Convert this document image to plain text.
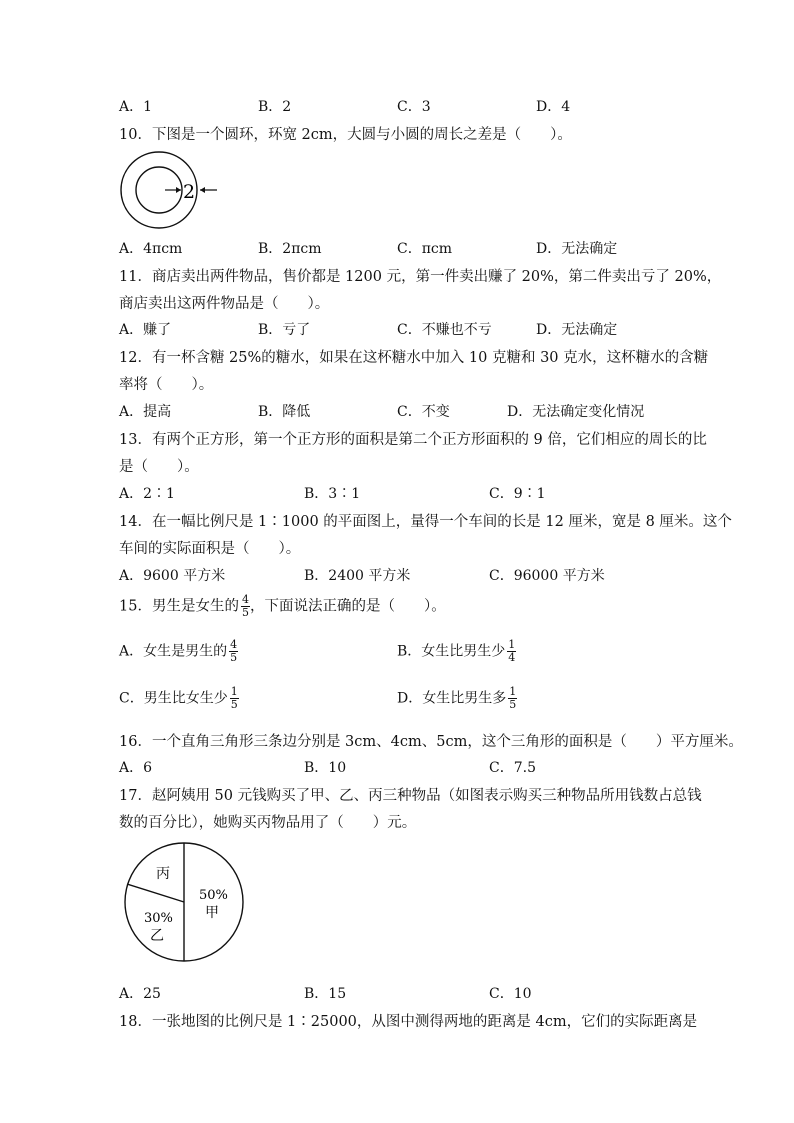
A．1	B．2	C．3	D．4
10．下图是一个圆环，环宽 2cm，大圆与小圆的周长之差是（　　）。
2
A．4πcm	B．2πcm	C．πcm	D．无法确定
11．商店卖出两件物品，售价都是 1200 元，第一件卖出赚了 20%，第二件卖出亏了 20%，
商店卖出这两件物品是（　　）。
A．赚了	B．亏了	C．不赚也不亏	D．无法确定
12．有一杯含糖 25%的糖水，如果在这杯糖水中加入 10 克糖和 30 克水，这杯糖水的含糖
率将（　　）。
A．提高	B．降低	C．不变	D．无法确定变化情况
13．有两个正方形，第一个正方形的面积是第二个正方形面积的 9 倍，它们相应的周长的比
是（　　）。
A．2∶1	B．3∶1	C．9∶1
14．在一幅比例尺是 1∶1000 的平面图上，量得一个车间的长是 12 厘米，宽是 8 厘米。这个
车间的实际面积是（　　）。
A．9600 平方米	B．2400 平方米	C．96000 平方米
15．男生是女生的 $\frac{4}{5}$ ，下面说法正确的是（　　）。
A．女生是男生的 $\frac{4}{5}$	B．女生比男生少 $\frac{1}{4}$
C．男生比女生少 $\frac{1}{5}$	D．女生比男生多 $\frac{1}{5}$
16．一个直角三角形三条边分别是 3cm、4cm、5cm，这个三角形的面积是（　　）平方厘米。
A．6	B．10	C．7.5
17．赵阿姨用 50 元钱购买了甲、乙、丙三种物品（如图表示购买三种物品所用钱数占总钱
数的百分比），她购买丙物品用了（　　）元。
丙
50%
甲
30%
乙
A．25	B．15	C．10
18．一张地图的比例尺是 1∶25000，从图中测得两地的距离是 4cm，它们的实际距离是
